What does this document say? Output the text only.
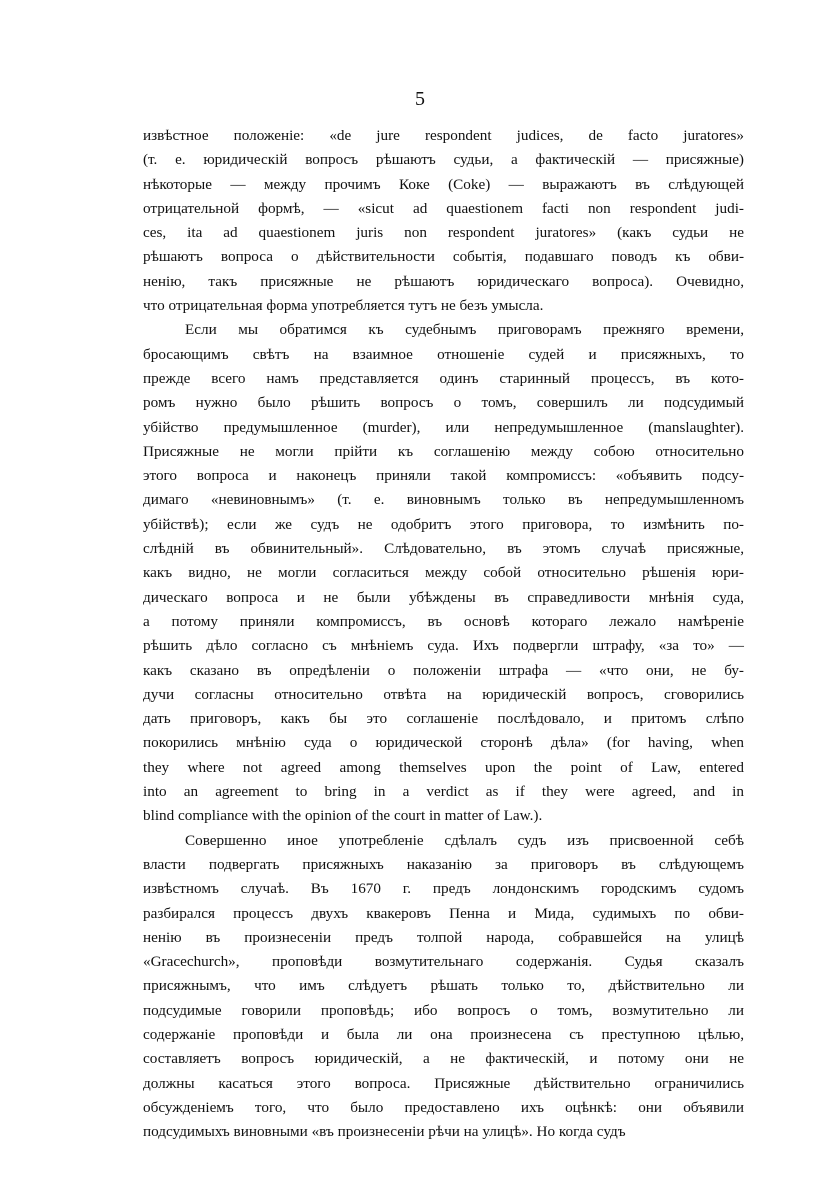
5
извѣстное положеніе: «de jure respondent judices, de facto juratores»
(т. е. юридическій вопросъ рѣшаютъ судьи, а фактическій — присяжные)
нѣкоторые — между прочимъ Коке (Coke) — выражаютъ въ слѣдующей
отрицательной формѣ, — «sicut ad quaestionem facti non respondent judi-
ces, ita ad quaestionem juris non respondent juratores» (какъ судьи не
рѣшаютъ вопроса о дѣйствительности событія, подавшаго поводъ къ обви-
ненію, такъ присяжные не рѣшаютъ юридическаго вопроса). Очевидно,
что отрицательная форма употребляется тутъ не безъ умысла.
Если мы обратимся къ судебнымъ приговорамъ прежняго времени,
бросающимъ свѣтъ на взаимное отношеніе судей и присяжныхъ, то
прежде всего намъ представляется одинъ старинный процессъ, въ кото-
ромъ нужно было рѣшить вопросъ о томъ, совершилъ ли подсудимый
убійство предумышленное (murder), или непредумышленное (manslaughter).
Присяжные не могли прійти къ соглашенію между собою относительно
этого вопроса и наконецъ приняли такой компромиссъ: «объявить подсу-
димаго «невиновнымъ» (т. е. виновнымъ только въ непредумышленномъ
убійствѣ); если же судъ не одобритъ этого приговора, то измѣнить по-
слѣдній въ обвинительный». Слѣдовательно, въ этомъ случаѣ присяжные,
какъ видно, не могли согласиться между собой относительно рѣшенія юри-
дическаго вопроса и не были убѣждены въ справедливости мнѣнія суда,
а потому приняли компромиссъ, въ основѣ котораго лежало намѣреніе
рѣшить дѣло согласно съ мнѣніемъ суда. Ихъ подвергли штрафу, «за то» —
какъ сказано въ опредѣленіи о положеніи штрафа — «что они, не бу-
дучи согласны относительно отвѣта на юридическій вопросъ, сговорились
дать приговоръ, какъ бы это соглашеніе послѣдовало, и притомъ слѣпо
покорились мнѣнію суда о юридической сторонѣ дѣла» (for having, when
they where not agreed among themselves upon the point of Law, entered
into an agreement to bring in a verdict as if they were agreed, and in
blind compliance with the opinion of the court in matter of Law.).
Совершенно иное употребленіе сдѣлалъ судъ изъ присвоенной себѣ
власти подвергать присяжныхъ наказанію за приговоръ въ слѣдующемъ
извѣстномъ случаѣ. Въ 1670 г. предъ лондонскимъ городскимъ судомъ
разбирался процессъ двухъ квакеровъ Пенна и Мида, судимыхъ по обви-
ненію въ произнесеніи предъ толпой народа, собравшейся на улицѣ
«Gracechurch», проповѣди возмутительнаго содержанія. Судья сказалъ
присяжнымъ, что имъ слѣдуетъ рѣшать только то, дѣйствительно ли
подсудимые говорили проповѣдь; ибо вопросъ о томъ, возмутительно ли
содержаніе проповѣди и была ли она произнесена съ преступною цѣлью,
составляетъ вопросъ юридическій, а не фактическій, и потому они не
должны касаться этого вопроса. Присяжные дѣйствительно ограничились
обсужденіемъ того, что было предоставлено ихъ оцѣнкѣ: они объявили
подсудимыхъ виновными «въ произнесеніи рѣчи на улицѣ». Но когда судъ
